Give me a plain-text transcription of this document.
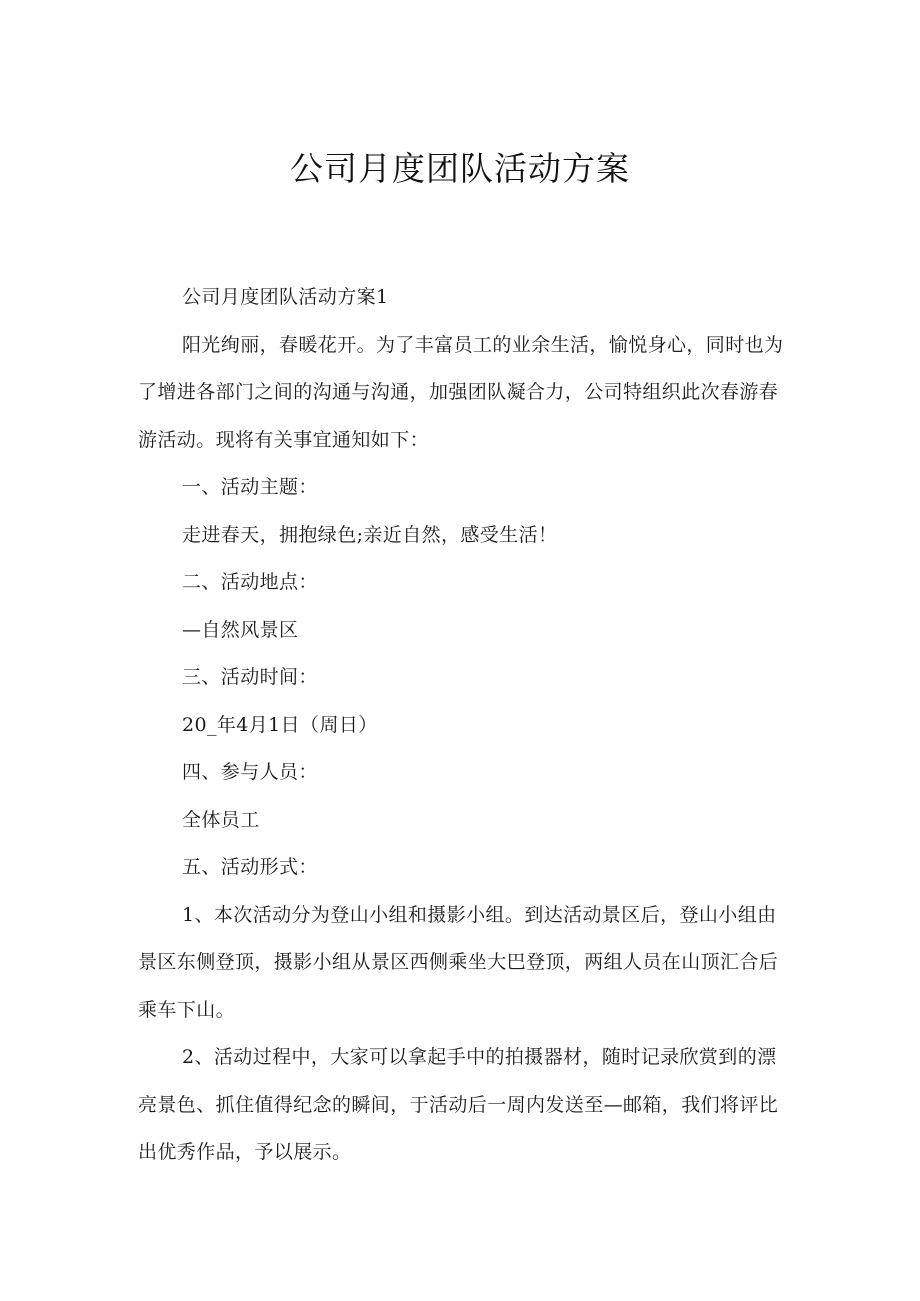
公司月度团队活动方案

公司月度团队活动方案1

阳光绚丽，春暖花开。为了丰富员工的业余生活，愉悦身心，同时也为了增进各部门之间的沟通与沟通，加强团队凝合力，公司特组织此次春游春游活动。现将有关事宜通知如下：

一、活动主题：

走进春天，拥抱绿色;亲近自然，感受生活！

二、活动地点：

—自然风景区

三、活动时间：

20_年4月1日（周日）

四、参与人员：

全体员工

五、活动形式：

1、本次活动分为登山小组和摄影小组。到达活动景区后，登山小组由景区东侧登顶，摄影小组从景区西侧乘坐大巴登顶，两组人员在山顶汇合后乘车下山。

2、活动过程中，大家可以拿起手中的拍摄器材，随时记录欣赏到的漂亮景色、抓住值得纪念的瞬间，于活动后一周内发送至—邮箱，我们将评比出优秀作品，予以展示。
